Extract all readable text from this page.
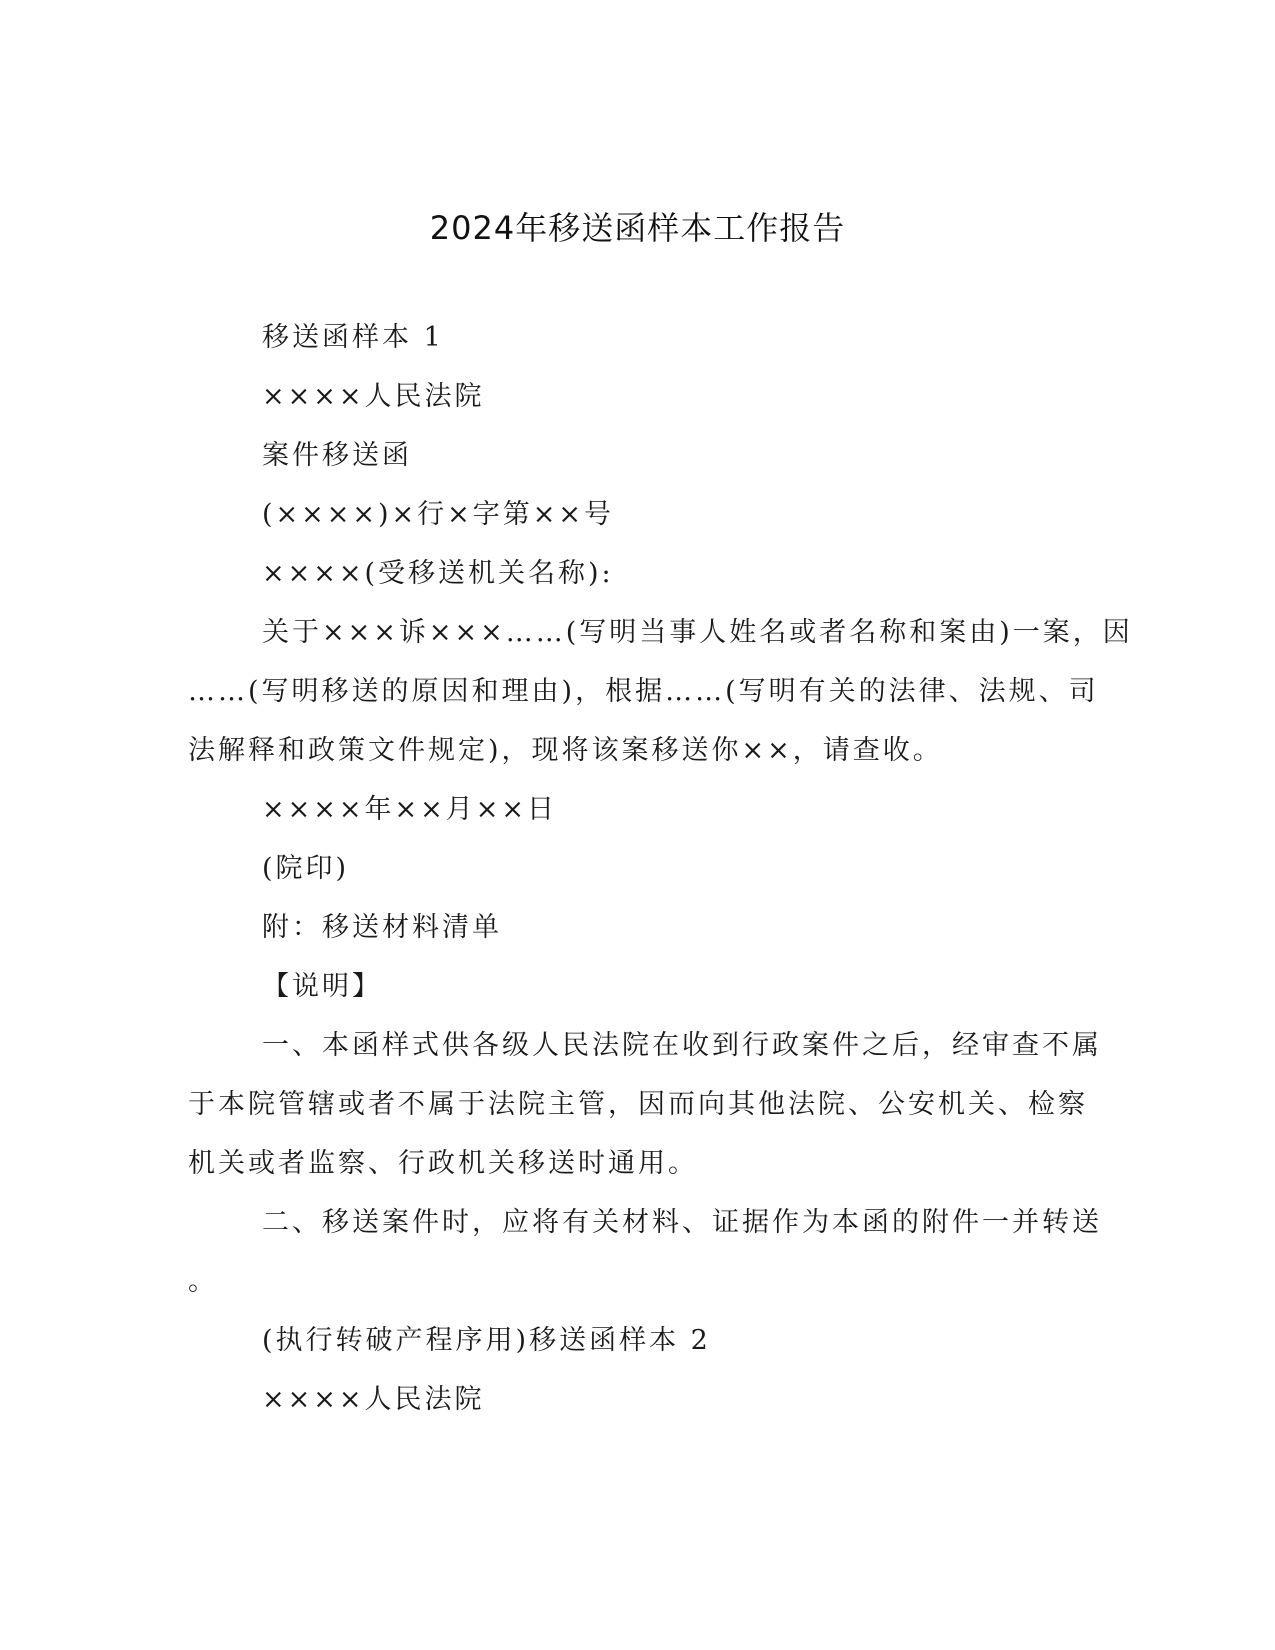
2024年移送函样本工作报告
移送函样本 1
××××人民法院
案件移送函
(××××)×行×字第××号
××××(受移送机关名称):
关于×××诉×××……(写明当事人姓名或者名称和案由)一案，因
……(写明移送的原因和理由)，根据……(写明有关的法律、法规、司
法解释和政策文件规定)，现将该案移送你××，请查收。
××××年××月××日
(院印)
附：移送材料清单
【说明】
一、本函样式供各级人民法院在收到行政案件之后，经审查不属
于本院管辖或者不属于法院主管，因而向其他法院、公安机关、检察
机关或者监察、行政机关移送时通用。
二、移送案件时，应将有关材料、证据作为本函的附件一并转送
。
(执行转破产程序用)移送函样本 2
××××人民法院
